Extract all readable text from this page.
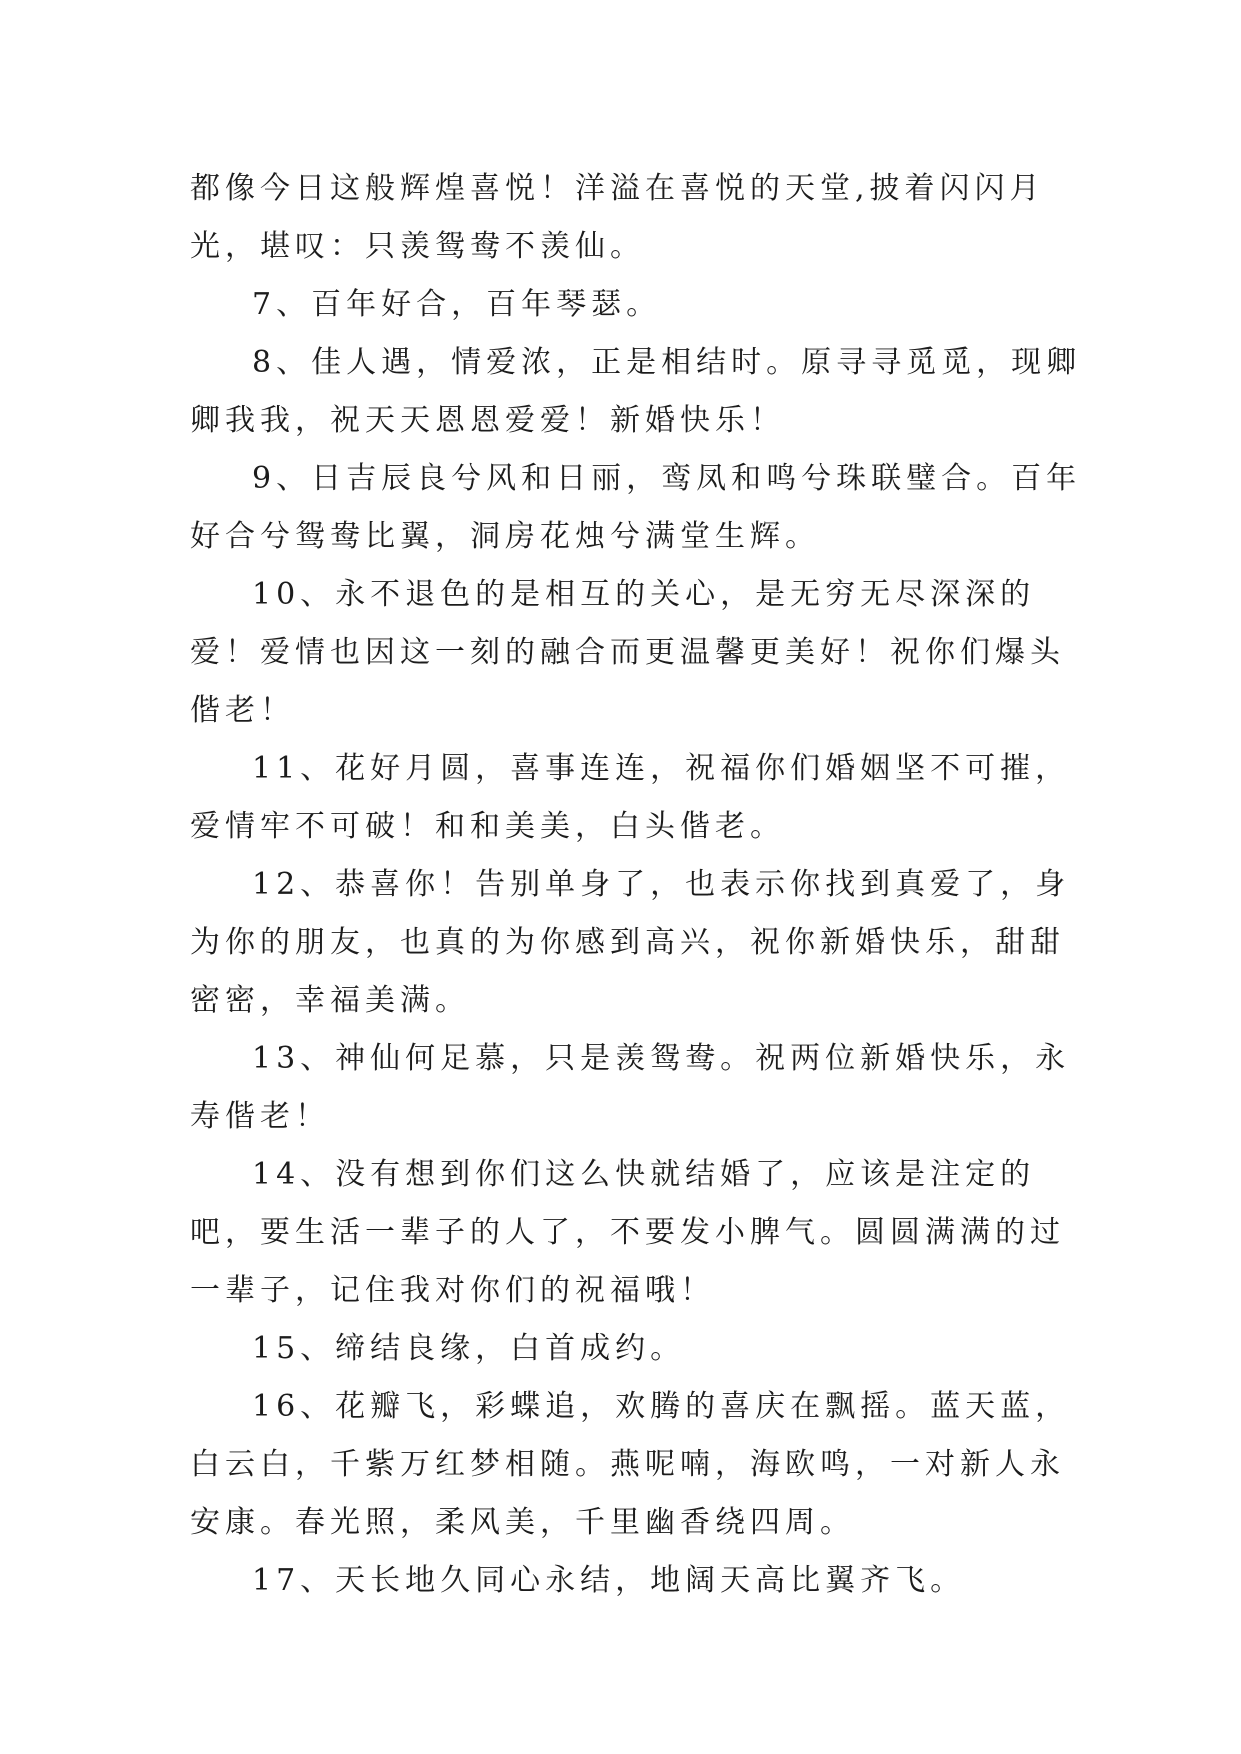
都像今日这般辉煌喜悦！洋溢在喜悦的天堂,披着闪闪月光，堪叹：只羡鸳鸯不羡仙。

7、百年好合，百年琴瑟。

8、佳人遇，情爱浓，正是相结时。原寻寻觅觅，现卿卿我我，祝天天恩恩爱爱！新婚快乐！

9、日吉辰良兮风和日丽，鸾凤和鸣兮珠联璧合。百年好合兮鸳鸯比翼，洞房花烛兮满堂生辉。

10、永不退色的是相互的关心，是无穷无尽深深的爱！爱情也因这一刻的融合而更温馨更美好！祝你们爆头偕老！

11、花好月圆，喜事连连，祝福你们婚姻坚不可摧，爱情牢不可破！和和美美，白头偕老。

12、恭喜你！告别单身了，也表示你找到真爱了，身为你的朋友，也真的为你感到高兴，祝你新婚快乐，甜甜密密，幸福美满。

13、神仙何足慕，只是羡鸳鸯。祝两位新婚快乐，永寿偕老！

14、没有想到你们这么快就结婚了，应该是注定的吧，要生活一辈子的人了，不要发小脾气。圆圆满满的过一辈子，记住我对你们的祝福哦！

15、缔结良缘，白首成约。

16、花瓣飞，彩蝶追，欢腾的喜庆在飘摇。蓝天蓝，白云白，千紫万红梦相随。燕呢喃，海欧鸣，一对新人永安康。春光照，柔风美，千里幽香绕四周。

17、天长地久同心永结，地阔天高比翼齐飞。
